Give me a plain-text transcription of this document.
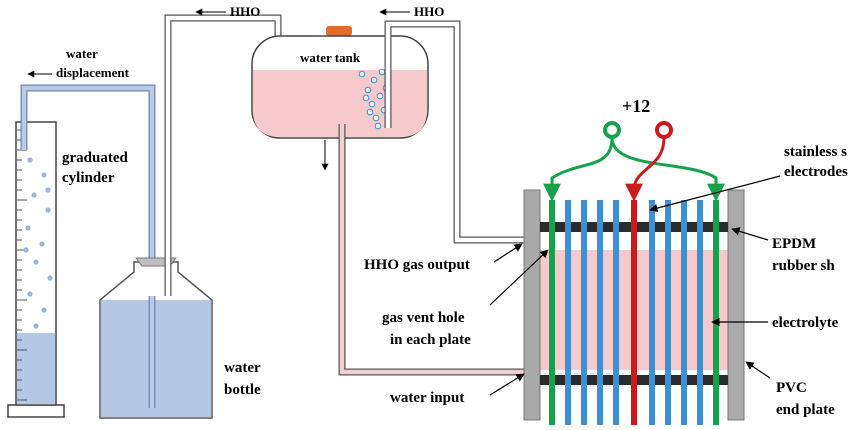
water
displacement
graduated
cylinder
HHO	HHO
water tank
+12
stainless s
electrodes
HHO gas output
EPDM
rubber sh
gas vent hole
in each plate
electrolyte
water
bottle	water input
PVC
end plate
